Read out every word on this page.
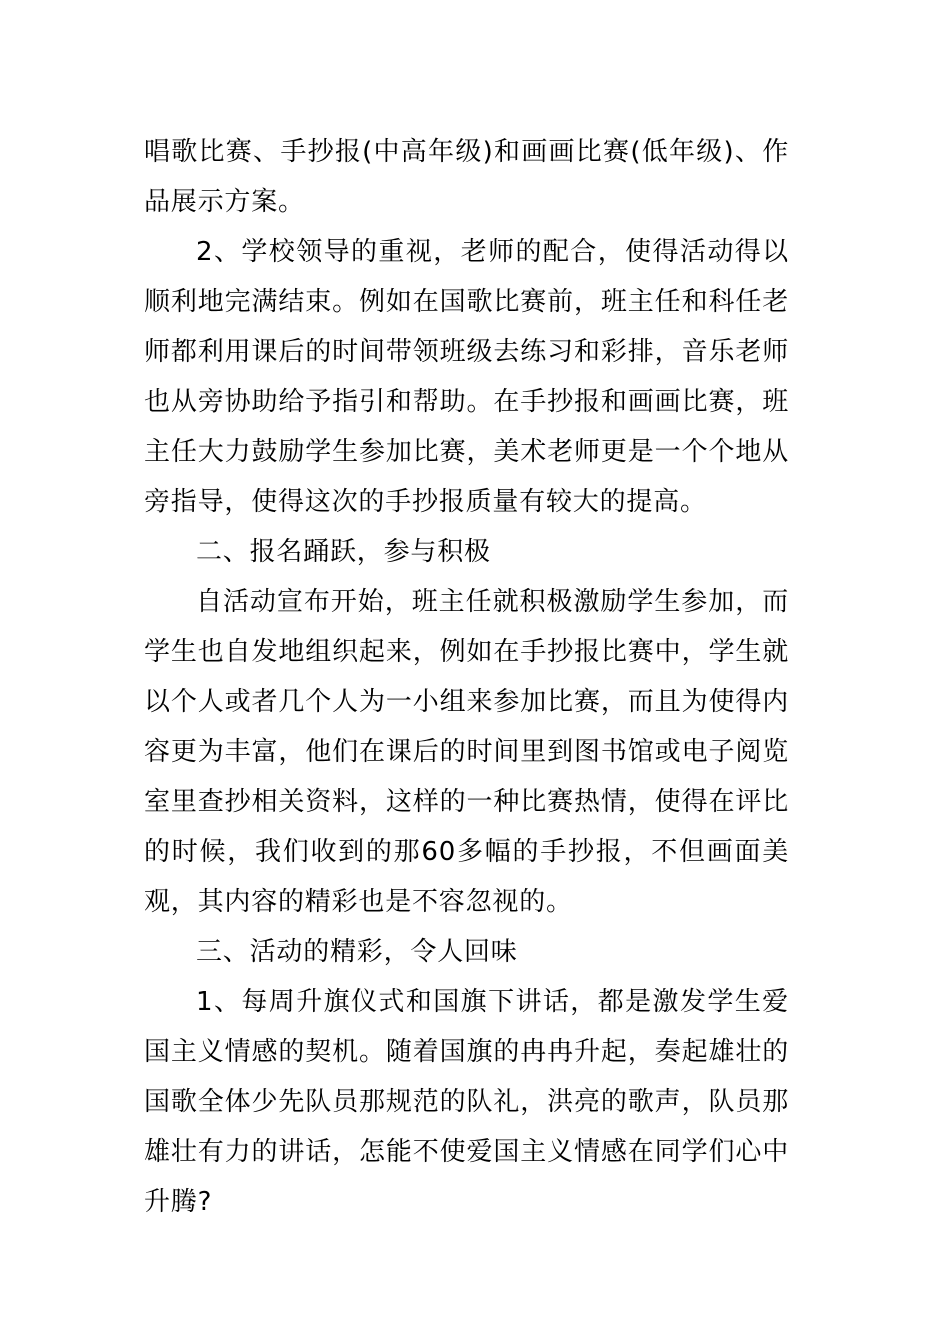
唱歌比赛、手抄报(中高年级)和画画比赛(低年级)、作品展示方案。

2、学校领导的重视，老师的配合，使得活动得以顺利地完满结束。例如在国歌比赛前，班主任和科任老师都利用课后的时间带领班级去练习和彩排，音乐老师也从旁协助给予指引和帮助。在手抄报和画画比赛，班主任大力鼓励学生参加比赛，美术老师更是一个个地从旁指导，使得这次的手抄报质量有较大的提高。

二、报名踊跃，参与积极

自活动宣布开始，班主任就积极激励学生参加，而学生也自发地组织起来，例如在手抄报比赛中，学生就以个人或者几个人为一小组来参加比赛，而且为使得内容更为丰富，他们在课后的时间里到图书馆或电子阅览室里查抄相关资料，这样的一种比赛热情，使得在评比的时候，我们收到的那60多幅的手抄报，不但画面美观，其内容的精彩也是不容忽视的。

三、活动的精彩，令人回味

1、每周升旗仪式和国旗下讲话，都是激发学生爱国主义情感的契机。随着国旗的冉冉升起，奏起雄壮的国歌全体少先队员那规范的队礼，洪亮的歌声，队员那雄壮有力的讲话，怎能不使爱国主义情感在同学们心中升腾?
